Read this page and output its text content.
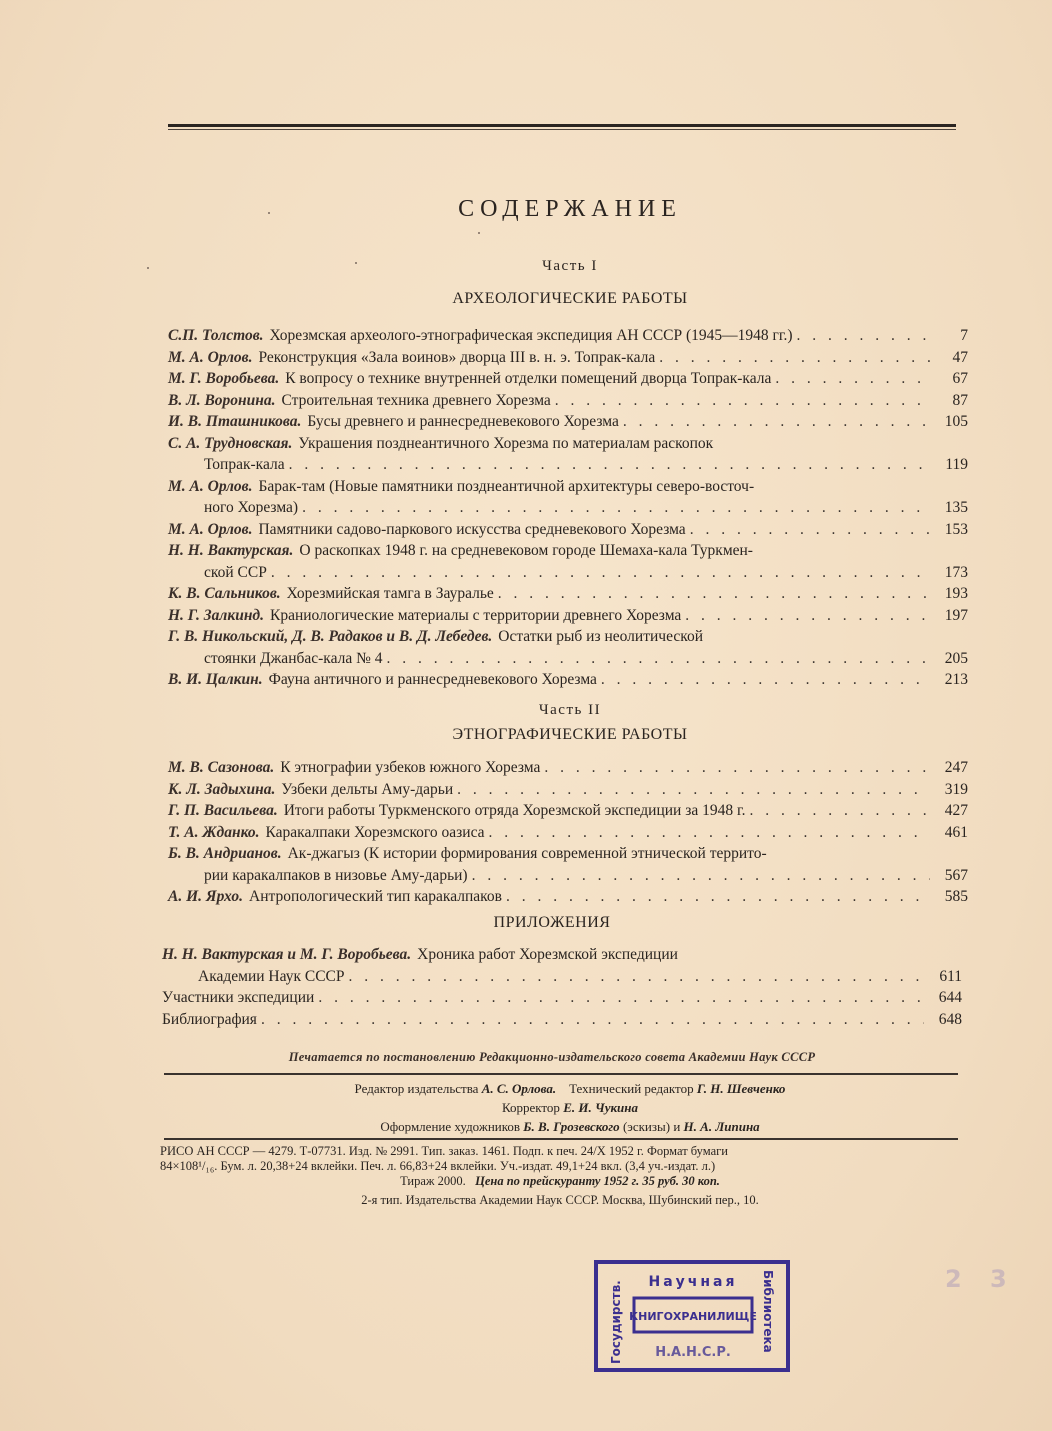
СОДЕРЖАНИЕ
Часть I
АРХЕОЛОГИЧЕСКИЕ РАБОТЫ
С.П. Толстов. Хорезмская археолого-этнографическая экспедиция АН СССР (1945—1948 гг.) . . .	7
М. А. Орлов. Реконструкция «Зала воинов» дворца III в. н. э. Топрак-кала . . .	47
М. Г. Воробьева. К вопросу о технике внутренней отделки помещений дворца Топрак-кала . . .	67
В. Л. Воронина. Строительная техника древнего Хорезма . . .	87
И. В. Пташникова. Бусы древнего и раннесредневекового Хорезма . . .	105
С. А. Трудновская. Украшения позднеантичного Хорезма по материалам раскопок
Топрак-кала . . .	119
М. А. Орлов. Барак-там (Новые памятники позднеантичной архитектуры северо-восточ-
ного Хорезма) . . .	135
М. А. Орлов. Памятники садово-паркового искусства средневекового Хорезма . . .	153
Н. Н. Вактурская. О раскопках 1948 г. на средневековом городе Шемаха-кала Туркмен-
ской ССР . . .	173
К. В. Сальников. Хорезмийская тамга в Зауралье . . .	193
Н. Г. Залкинд. Краниологические материалы с территории древнего Хорезма . . .	197
Г. В. Никольский, Д. В. Радаков и В. Д. Лебедев. Остатки рыб из неолитической
стоянки Джанбас-кала № 4 . . .	205
В. И. Цалкин. Фауна античного и раннесредневекового Хорезма . . .	213
Часть II
ЭТНОГРАФИЧЕСКИЕ РАБОТЫ
М. В. Сазонова. К этнографии узбеков южного Хорезма . . .	247
К. Л. Задыхина. Узбеки дельты Аму-дарьи . . .	319
Г. П. Васильева. Итоги работы Туркменского отряда Хорезмской экспедиции за 1948 г. . . .	427
Т. А. Жданко. Каракалпаки Хорезмского оазиса . . .	461
Б. В. Андрианов. Ак-джагыз (К истории формирования современной этнической террито-
рии каракалпаков в низовье Аму-дарьи) . . .	567
А. И. Ярхо. Антропологический тип каракалпаков . . .	585
ПРИЛОЖЕНИЯ
Н. Н. Вактурская и М. Г. Воробьева. Хроника работ Хорезмской экспедиции
Академии Наук СССР . . .	611
Участники экспедиции . . .	644
Библиография . . .	648
Печатается по постановлению Редакционно-издательского совета Академии Наук СССР
Редактор издательства А. С. Орлова. Технический редактор Г. Н. Шевченко
Корректор Е. И. Чукина
Оформление художников Б. В. Грозевского (эскизы) и Н. А. Липина
РИСО АН СССР — 4279. Т-07731. Изд. № 2991. Тип. заказ. 1461. Подп. к печ. 24/X 1952 г. Формат бумаги
84×108¹/₁₆. Бум. л. 20,38+24 вклейки. Печ. л. 66,83+24 вклейки. Уч.-издат. 49,1+24 вкл. (3,4 уч.-издат. л.)
Тираж 2000. Цена по прейскуранту 1952 г. 35 руб. 30 коп.
2-я тип. Издательства Академии Наук СССР. Москва, Шубинский пер., 10.
Научная
КНИГОХРАНИЛИЩЕ
Н.А.Н.С.Р.
Госудирств.	Библиотека	2 3
